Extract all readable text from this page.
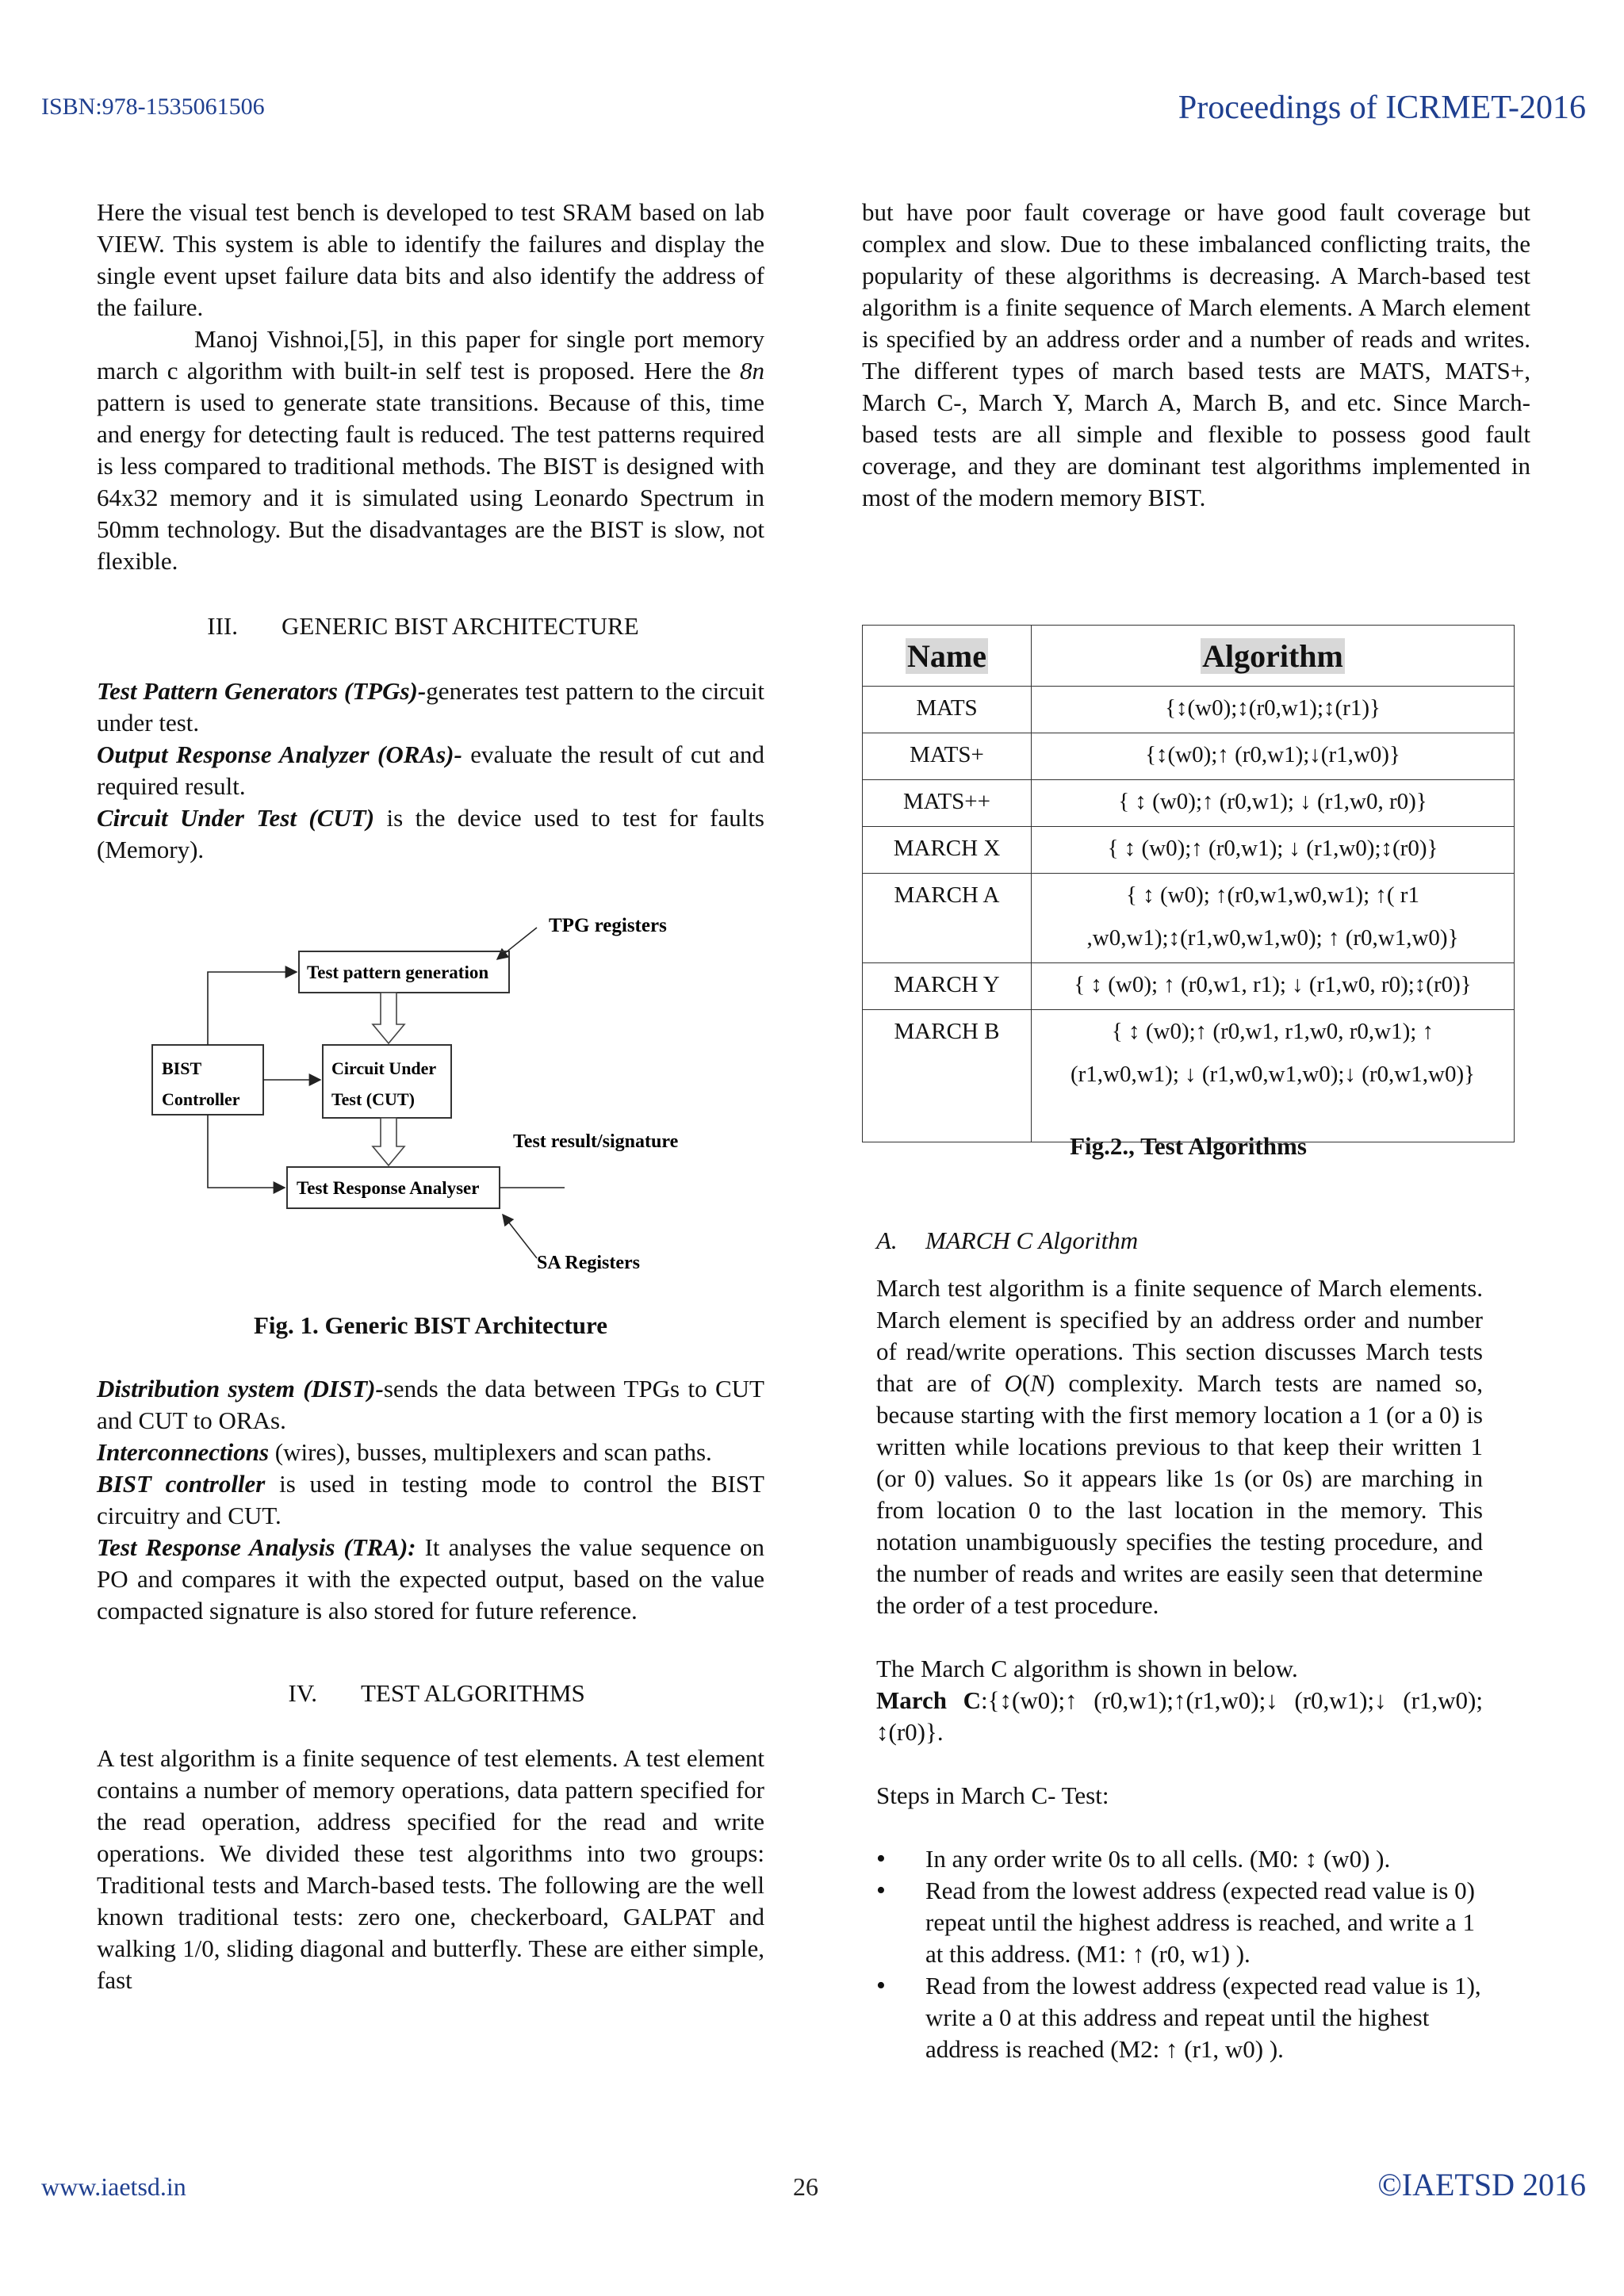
ISBN:978-1535061506	Proceedings of ICRMET-2016

Here the visual test bench is developed to test SRAM based on lab VIEW. This system is able to identify the failures and display the single event upset failure data bits and also identify the address of the failure.

Manoj Vishnoi,[5], in this paper for single port memory march c algorithm with built-in self test is proposed. Here the 8n pattern is used to generate state transitions. Because of this, time and energy for detecting fault is reduced. The test patterns required is less compared to traditional methods. The BIST is designed with 64x32 memory and it is simulated using Leonardo Spectrum in 50mm technology. But the disadvantages are the BIST is slow, not flexible.

III. GENERIC BIST ARCHITECTURE

Test Pattern Generators (TPGs)-generates test pattern to the circuit under test.

Output Response Analyzer (ORAs)- evaluate the result of cut and required result.

Circuit Under Test (CUT) is the device used to test for faults (Memory).

TPG registers
Test pattern generation
BIST
Controller
Circuit Under
Test (CUT)
Test Response Analyser
Test result/signature
SA Registers
Fig. 1. Generic BIST Architecture

Distribution system (DIST)-sends the data between TPGs to CUT and CUT to ORAs.

Interconnections (wires), busses, multiplexers and scan paths.

BIST controller is used in testing mode to control the BIST circuitry and CUT.

Test Response Analysis (TRA): It analyses the value sequence on PO and compares it with the expected output, based on the value compacted signature is also stored for future reference.

IV. TEST ALGORITHMS

A test algorithm is a finite sequence of test elements. A test element contains a number of memory operations, data pattern specified for the read operation, address specified for the read and write operations. We divided these test algorithms into two groups: Traditional tests and March-based tests. The following are the well known traditional tests: zero one, checkerboard, GALPAT and walking 1/0, sliding diagonal and butterfly. These are either simple, fast

but have poor fault coverage or have good fault coverage but complex and slow. Due to these imbalanced conflicting traits, the popularity of these algorithms is decreasing. A March-based test algorithm is a finite sequence of March elements. A March element is specified by an address order and a number of reads and writes. The different types of march based tests are MATS, MATS+, March C-, March Y, March A, March B, and etc. Since March-based tests are all simple and flexible to possess good fault coverage, and they are dominant test algorithms implemented in most of the modern memory BIST.

Name	Algorithm
MATS	{↕(w0);↕(r0,w1);↕(r1)}
MATS+	{↕(w0);↑ (r0,w1);↓(r1,w0)}
MATS++	{ ↕ (w0);↑ (r0,w1); ↓ (r1,w0, r0)}
MARCH X	{ ↕ (w0);↑ (r0,w1); ↓ (r1,w0);↕(r0)}
MARCH A	{ ↕ (w0); ↑(r0,w1,w0,w1); ↑( r1
,w0,w1);↕(r1,w0,w1,w0); ↑ (r0,w1,w0)}

MARCH Y	{ ↕ (w0); ↑ (r0,w1, r1); ↓ (r1,w0, r0);↕(r0)}
MARCH B	{ ↕ (w0);↑ (r0,w1, r1,w0, r0,w1); ↑
(r1,w0,w1); ↓ (r1,w0,w1,w0);↓ (r0,w1,w0)}
Fig.2., Test Algorithms
A. MARCH C Algorithm

March test algorithm is a finite sequence of March elements. March element is specified by an address order and number of read/write operations. This section discusses March tests that are of O(N) complexity. March tests are named so, because starting with the first memory location a 1 (or a 0) is written while locations previous to that keep their written 1 (or 0) values. So it appears like 1s (or 0s) are marching in from location 0 to the last location in the memory. This notation unambiguously specifies the testing procedure, and the number of reads and writes are easily seen that determine the order of a test procedure.

The March C algorithm is shown in below.

March C:{↕(w0);↑ (r0,w1);↑(r1,w0);↓ (r0,w1);↓ (r1,w0); ↕(r0)}.

Steps in March C- Test:

• In any order write 0s to all cells. (M0: ↕ (w0) ).
• Read from the lowest address (expected read value is 0) repeat until the highest address is reached, and write a 1 at this address. (M1: ↑ (r0, w1) ).
• Read from the lowest address (expected read value is 1), write a 0 at this address and repeat until the highest address is reached (M2: ↑ (r1, w0) ).
www.iaetsd.in	26	©IAETSD 2016
